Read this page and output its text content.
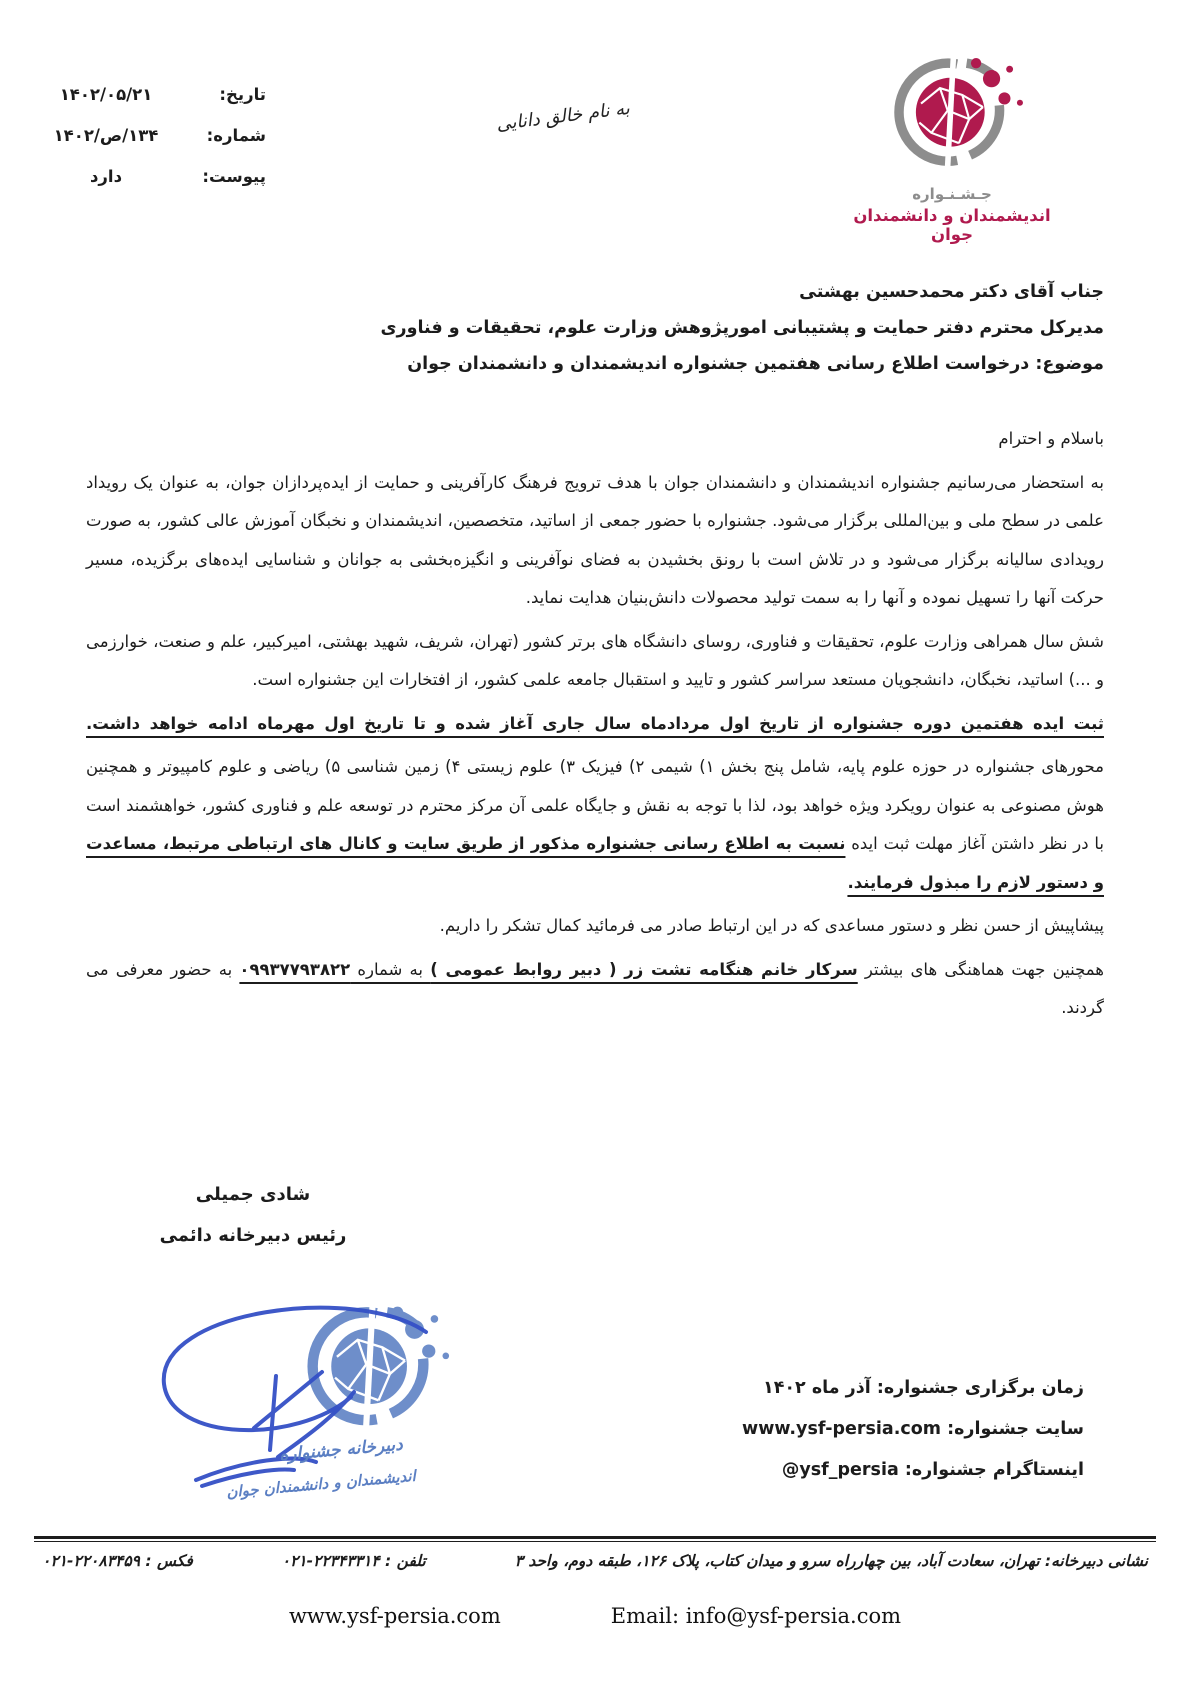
تاریخ:
۱۴۰۲/۰۵/۲۱
شماره:
۱۳۴/ص/۱۴۰۲
پیوست:
دارد
به نام خالق دانایی
جـشـنـواره
اندیشمندان و دانشمندان جوان
جناب آقای دکتر محمدحسین بهشتی
مدیرکل محترم دفتر حمایت و پشتیبانی امورپژوهش وزارت علوم، تحقیقات و فناوری
موضوع: درخواست اطلاع رسانی هفتمین جشنواره اندیشمندان و دانشمندان جوان

باسلام و احترام

به استحضار می‌رسانیم جشنواره اندیشمندان و دانشمندان جوان با هدف ترویج فرهنگ کارآفرینی و حمایت از ایده‌پردازان جوان، به عنوان یک رویداد علمی در سطح ملی و بین‌المللی برگزار می‌شود. جشنواره با حضور جمعی از اساتید، متخصصین، اندیشمندان و نخبگان آموزش عالی کشور، به صورت رویدادی سالیانه برگزار می‌شود و در تلاش است با رونق بخشیدن به فضای نوآفرینی و انگیزه‌بخشی به جوانان و شناسایی ایده‌های برگزیده، مسیر حرکت آنها را تسهیل نموده و آنها را به سمت تولید محصولات دانش‌بنیان هدایت نماید.

شش سال همراهی وزارت علوم، تحقیقات و فناوری، روسای دانشگاه های برتر کشور (تهران، شریف، شهید بهشتی، امیرکبیر، علم و صنعت، خوارزمی و ...) اساتید، نخبگان، دانشجویان مستعد سراسر کشور و تایید و استقبال جامعه علمی کشور، از افتخارات این جشنواره است.

ثبت ایده هفتمین دوره جشنواره از تاریخ اول مردادماه سال جاری آغاز شده و تا تاریخ اول مهرماه ادامه خواهد داشت.

محورهای جشنواره در حوزه علوم پایه، شامل پنج بخش ۱) شیمی ۲) فیزیک ۳) علوم زیستی ۴) زمین شناسی ۵) ریاضی و علوم کامپیوتر و همچنین هوش مصنوعی به عنوان رویکرد ویژه خواهد بود، لذا با توجه به نقش و جایگاه علمی آن مرکز محترم در توسعه علم و فناوری کشور، خواهشمند است با در نظر داشتن آغاز مهلت ثبت ایده نسبت به اطلاع رسانی جشنواره مذکور از طریق سایت و کانال های ارتباطی مرتبط، مساعدت و دستور لازم را مبذول فرمایند.

پیشاپیش از حسن نظر و دستور مساعدی که در این ارتباط صادر می فرمائید کمال تشکر را داریم.

همچنین جهت هماهنگی های بیشتر سرکار خانم هنگامه تشت زر ( دبیر روابط عمومی ) به شماره ۰۹۹۳۷۷۹۳۸۲۲ به حضور معرفی می گردند.

شادی جمیلی
رئیس دبیرخانه دائمی
دبیرخانه جشنواره
اندیشمندان و دانشمندان جوان
زمان برگزاری جشنواره: آذر ماه ۱۴۰۲
سایت جشنواره: www.ysf-persia.com
اینستاگرام جشنواره: @ysf_persia
نشانی دبیرخانه: تهران، سعادت آباد، بین چهارراه سرو و میدان کتاب، پلاک ۱۲۶، طبقه دوم، واحد ۳
تلفن : ۰۲۱-۲۲۳۴۳۳۱۴
فکس : ۰۲۱-۲۲۰۸۳۴۵۹
www.ysf-persia.com	Email: info@ysf-persia.com
